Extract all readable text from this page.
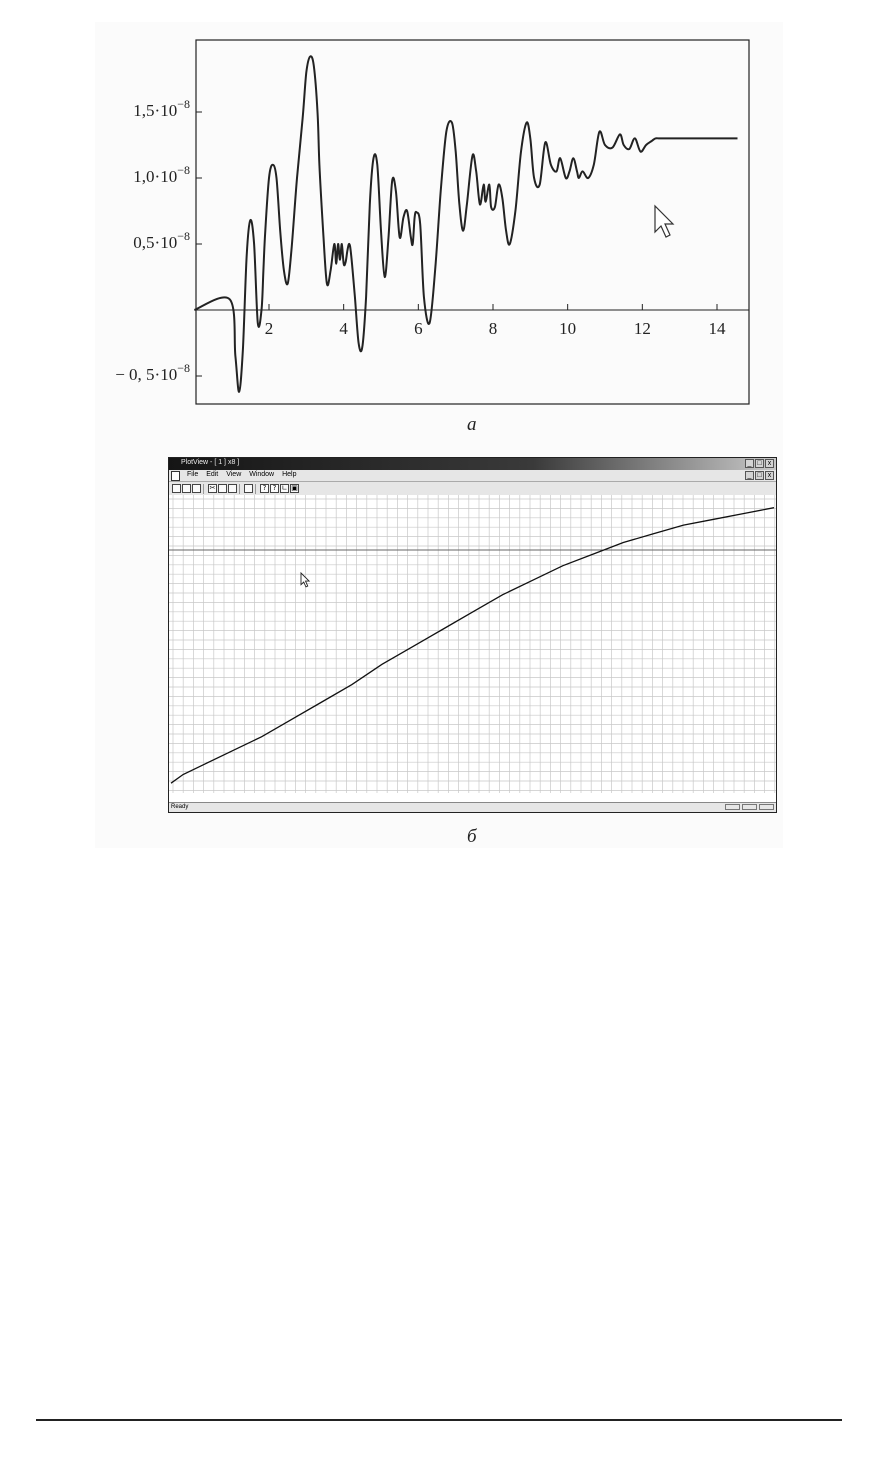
2	4	6	8	10	12	14
$1,5\cdot 10^{-8}$
$1,0\cdot 10^{-8}$
$0,5\cdot 10^{-8}$
− 0, $5\cdot 10^{-8}$
а
б
PlotView - [ 1 ] x8 ]	_ □ x
File Edit View Window Help	_ □ x
✂	? ? ∟ ▣
Ready
